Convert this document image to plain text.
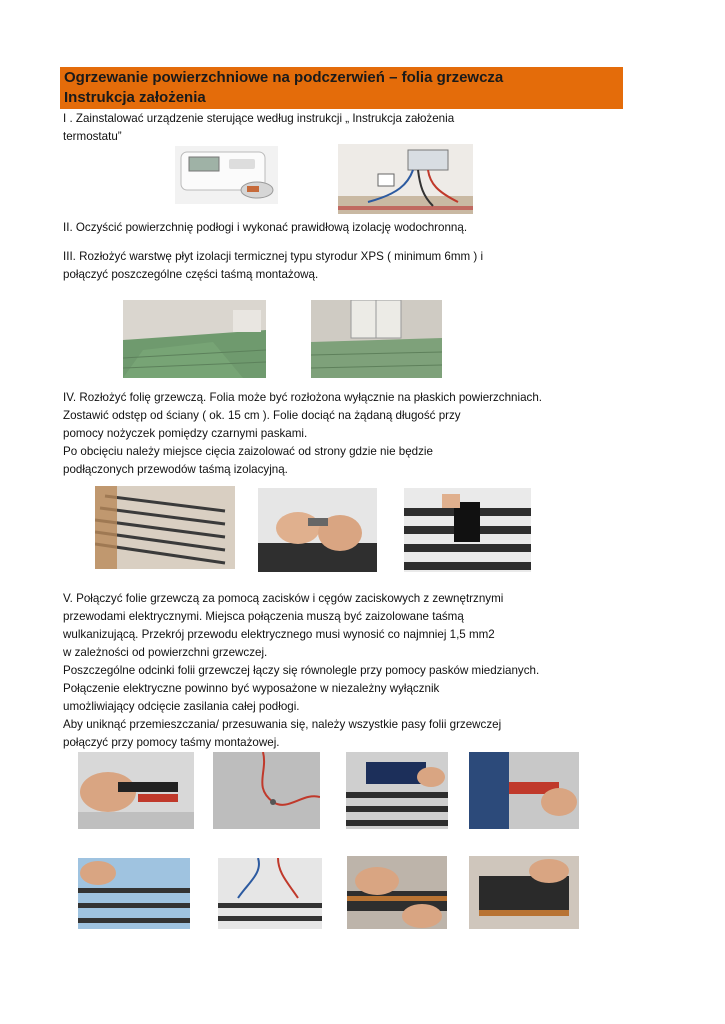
Ogrzewanie powierzchniowe na podczerwień – folia grzewcza
Instrukcja założenia
I . Zainstalować urządzenie sterujące według instrukcji „ Instrukcja założenia
termostatu”
II. Oczyścić powierzchnię podłogi i wykonać prawidłową izolację wodochronną.
III. Rozłożyć warstwę płyt izolacji termicznej typu styrodur XPS ( minimum 6mm ) i
połączyć poszczególne części taśmą montażową.
IV. Rozłożyć folię grzewczą. Folia może być rozłożona wyłącznie na płaskich powierzchniach.
Zostawić odstęp od ściany ( ok. 15 cm ). Folie dociąć na żądaną długość przy
pomocy nożyczek pomiędzy czarnymi paskami.
Po obcięciu należy miejsce cięcia zaizolować od strony gdzie nie będzie
podłączonych przewodów taśmą izolacyjną.
V. Połączyć folie grzewczą za pomocą zacisków i cęgów zaciskowych z zewnętrznymi
przewodami elektrycznymi. Miejsca połączenia muszą być zaizolowane taśmą
wulkanizującą. Przekrój przewodu elektrycznego musi wynosić co najmniej 1,5 mm2
w zależności od powierzchni grzewczej.
Poszczególne odcinki folii grzewczej łączy się równolegle przy pomocy pasków miedzianych.
Połączenie elektryczne powinno być wyposażone w niezależny wyłącznik
umożliwiający odcięcie zasilania całej podłogi.
Aby uniknąć przemieszczania/ przesuwania się, należy wszystkie pasy folii grzewczej
połączyć przy pomocy taśmy montażowej.
